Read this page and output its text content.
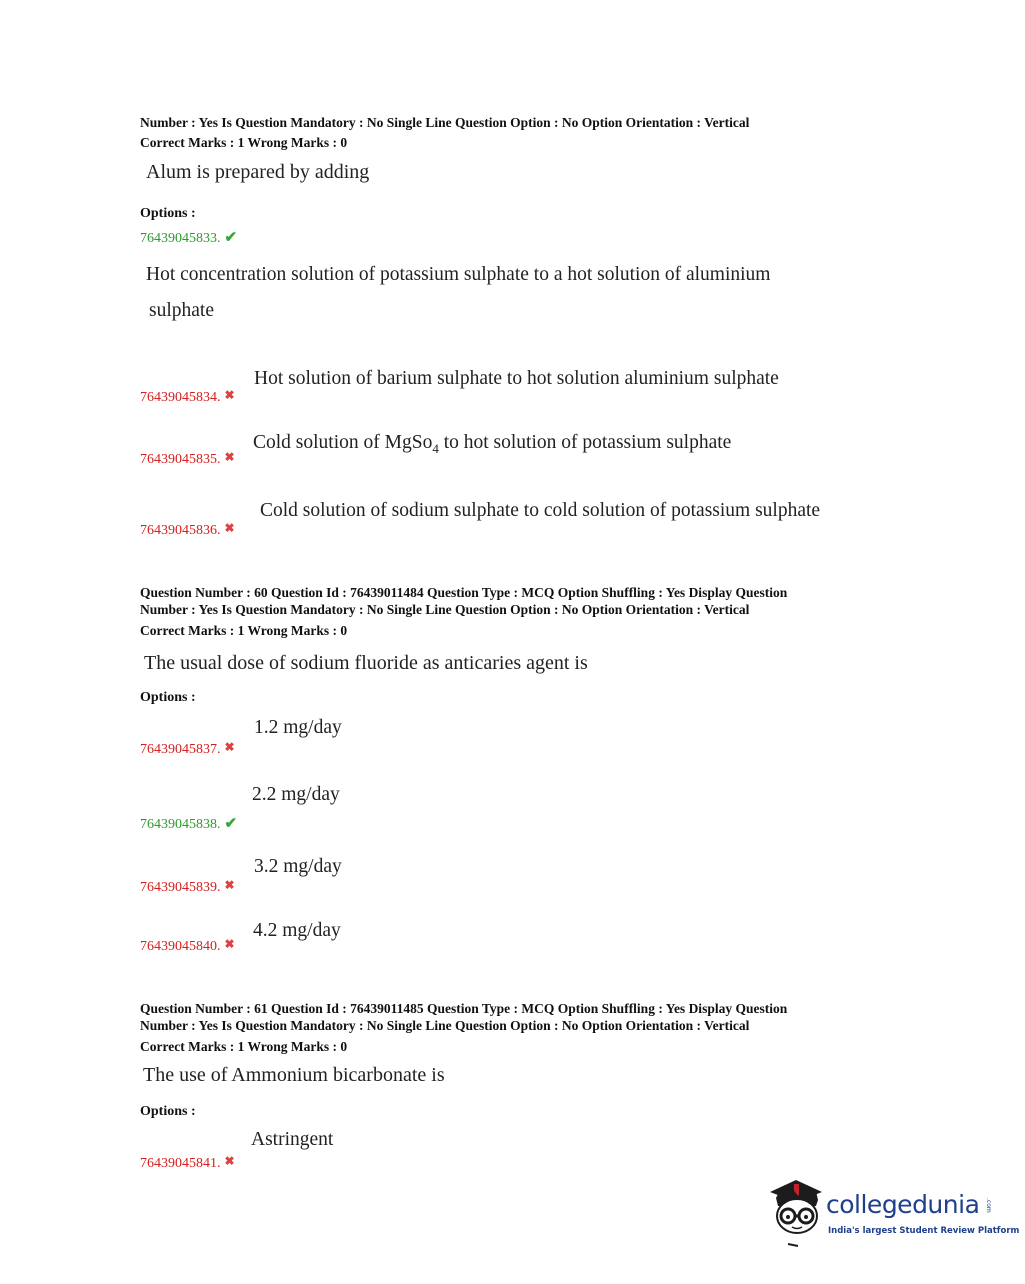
Number : Yes Is Question Mandatory : No Single Line Question Option : No Option Orientation : Vertical
Correct Marks : 1 Wrong Marks : 0
Alum is prepared by adding
Options :
76439045833. ✔
Hot concentration solution of potassium sulphate to a hot solution of aluminium
sulphate
76439045834. ✖
Hot solution of barium sulphate to hot solution aluminium sulphate
76439045835. ✖
Cold solution of MgSo$_4$ to hot solution of potassium sulphate
76439045836. ✖
Cold solution of sodium sulphate to cold solution of potassium sulphate
Question Number : 60 Question Id : 76439011484 Question Type : MCQ Option Shuffling : Yes Display Question
Number : Yes Is Question Mandatory : No Single Line Question Option : No Option Orientation : Vertical
Correct Marks : 1 Wrong Marks : 0
The usual dose of sodium fluoride as anticaries agent is
Options :
76439045837. ✖
1.2 mg/day
76439045838. ✔
2.2 mg/day
76439045839. ✖
3.2 mg/day
76439045840. ✖
4.2 mg/day
Question Number : 61 Question Id : 76439011485 Question Type : MCQ Option Shuffling : Yes Display Question
Number : Yes Is Question Mandatory : No Single Line Question Option : No Option Orientation : Vertical
Correct Marks : 1 Wrong Marks : 0
The use of Ammonium bicarbonate is
Options :
76439045841. ✖
Astringent
collegedunia .com
India's largest Student Review Platform
